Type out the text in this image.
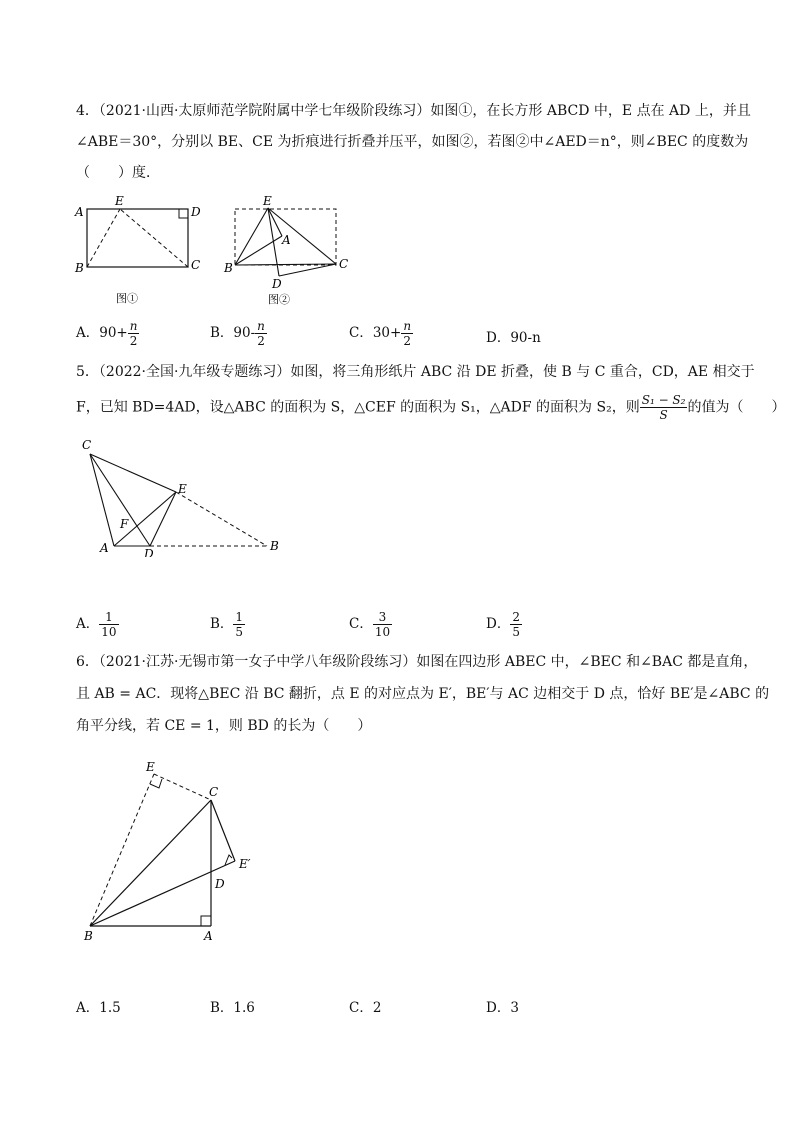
4．（2021·山西·太原师范学院附属中学七年级阶段练习）如图①，在长方形 ABCD 中，E 点在 AD 上，并且
∠ABE＝30°，分别以 BE、CE 为折痕进行折叠并压平，如图②，若图②中∠AED＝n°，则∠BEC 的度数为
（　　）度．
A
E
D
B	C
图①
E
A
B	C
D
图②
A．$90+ \frac{n}{2}$	B．$90- \frac{n}{2}$	C．$30+ \frac{n}{2}$	D．90-n
5．（2022·全国·九年级专题练习）如图，将三角形纸片 ABC 沿 DE 折叠，使 B 与 C 重合，CD，AE 相交于
F，已知 BD=4AD，设△ABC 的面积为 S，△CEF 的面积为 S₁，△ADF 的面积为 S₂，则 $\frac{\text{S₁ − S₂}}{S}$ 的值为（　　）
C
E
F
A	D
B
A． $\frac{1}{10}$	B． $\frac{1}{5}$	C． $\frac{3}{10}$	D． $\frac{2}{5}$
6．（2021·江苏·无锡市第一女子中学八年级阶段练习）如图在四边形 ABEC 中，∠BEC 和∠BAC 都是直角，
且 AB = AC．现将△BEC 沿 BC 翻折，点 E 的对应点为 E′，BE′与 AC 边相交于 D 点，恰好 BE′是∠ABC 的
角平分线，若 CE = 1，则 BD 的长为（　　）
E
C
E′
D
B	A
A．1.5	B．1.6	C．2	D．3
